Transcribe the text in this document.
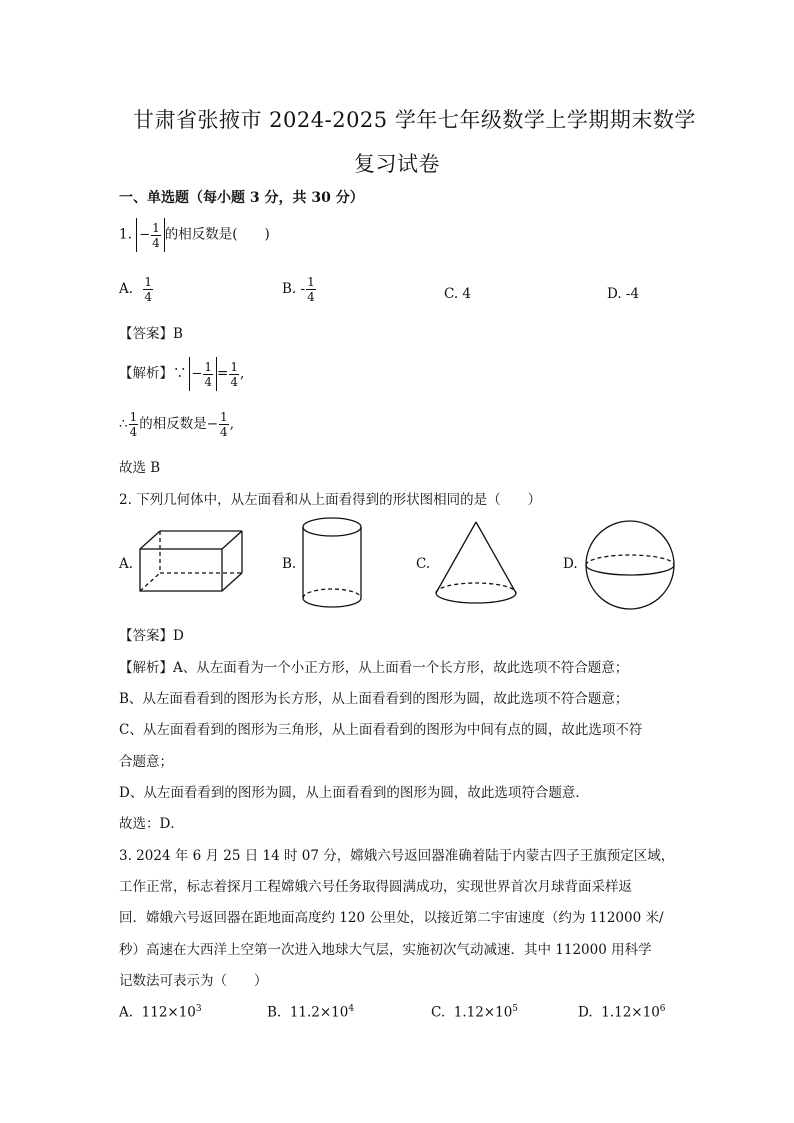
甘肃省张掖市 2024-2025 学年七年级数学上学期期末数学
复习试卷
一、单选题（每小题 3 分，共 30 分）
1. − $\frac{1}{4}$ 的相反数是(　　)
A. $\frac{1}{4}$	B. - $\frac{1}{4}$	C. 4	D. -4
【答案】B
【解析】∵ − $\frac{1}{4} = \frac{1}{4}$ ,
∴ $\frac{1}{4}$ 的相反数是− $\frac{1}{4}$ ,
故选 B
2. 下列几何体中，从左面看和从上面看得到的形状图相同的是（　　）
A.	B.	C.	D.
【答案】D
【解析】A、从左面看为一个小正方形，从上面看一个长方形，故此选项不符合题意；
B、从左面看看到的图形为长方形，从上面看看到的图形为圆，故此选项不符合题意；
C、从左面看看到的图形为三角形，从上面看看到的图形为中间有点的圆，故此选项不符
合题意；
D、从左面看看到的图形为圆，从上面看看到的图形为圆，故此选项符合题意．
故选：D．
3. 2024 年 6 月 25 日 14 时 07 分，嫦娥六号返回器准确着陆于内蒙古四子王旗预定区域，
工作正常，标志着探月工程嫦娥六号任务取得圆满成功，实现世界首次月球背面采样返
回．嫦娥六号返回器在距地面高度约 120 公里处，以接近第二宇宙速度（约为 112000 米/
秒）高速在大西洋上空第一次进入地球大气层，实施初次气动减速．其中 112000 用科学
记数法可表示为（　　）
A. $112\times 10^3$	B. $11.2\times 10^4$	C. $1.12\times 10^5$	D. $1.12\times 10^6$
